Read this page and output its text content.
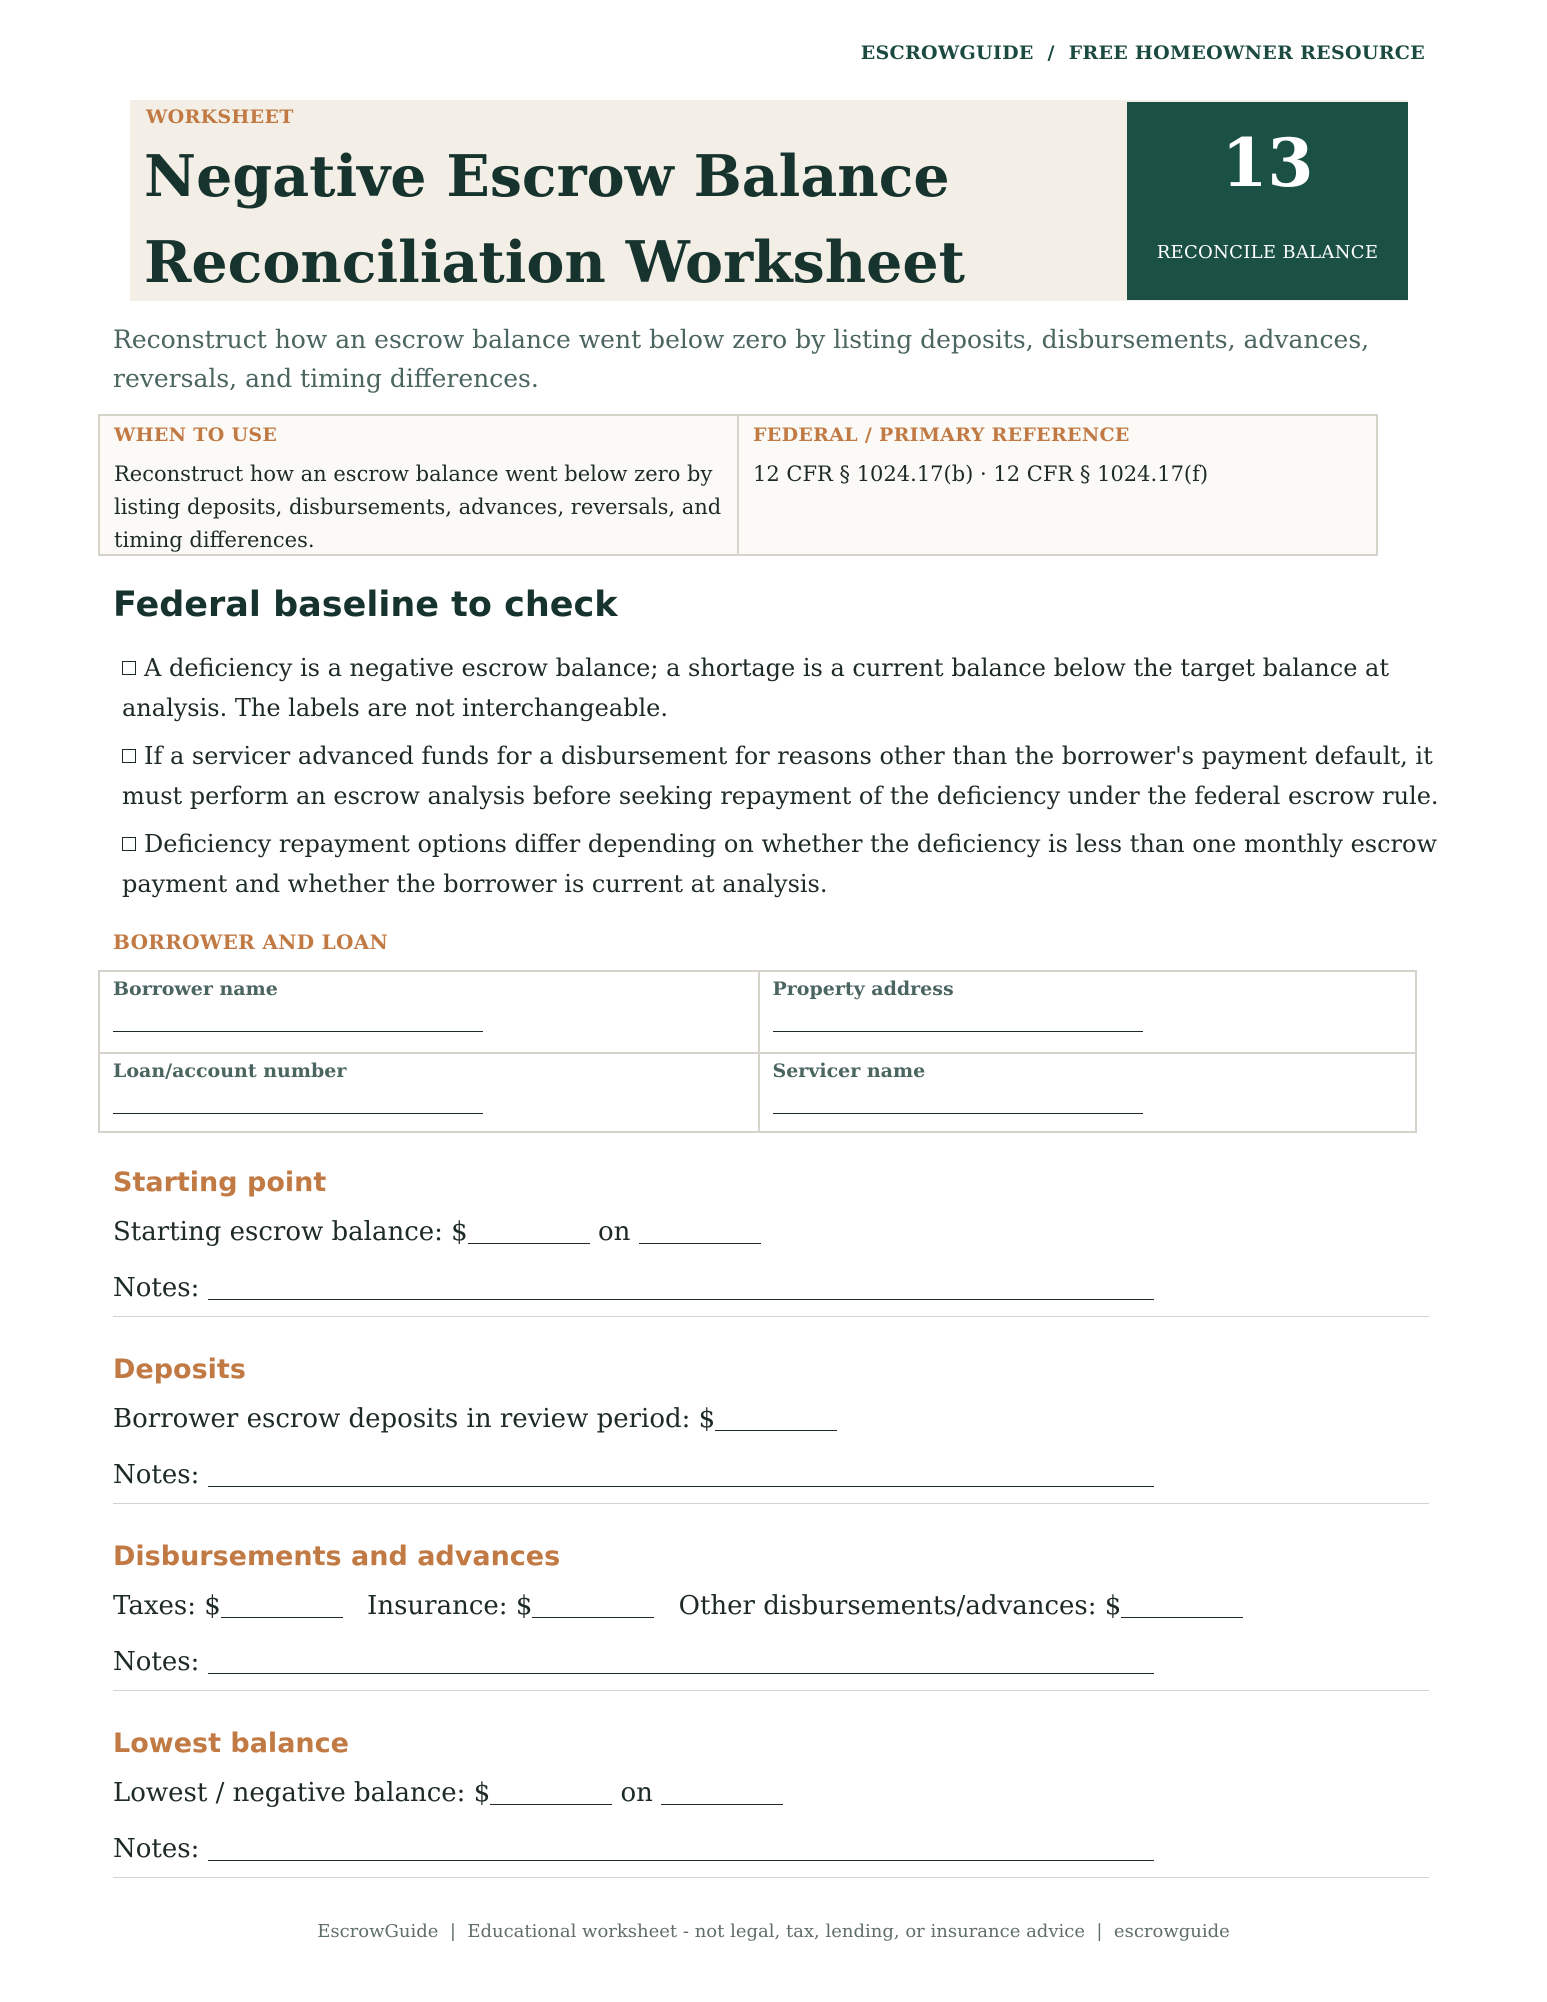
ESCROWGUIDE  /  FREE HOMEOWNER RESOURCE
WORKSHEET
Negative Escrow Balance Reconciliation Worksheet
13
RECONCILE BALANCE
Reconstruct how an escrow balance went below zero by listing deposits, disbursements, advances, reversals, and timing differences.
WHEN TO USE
Reconstruct how an escrow balance went below zero by listing deposits, disbursements, advances, reversals, and timing differences.
FEDERAL / PRIMARY REFERENCE
12 CFR § 1024.17(b) · 12 CFR § 1024.17(f)
Federal baseline to check
A deficiency is a negative escrow balance; a shortage is a current balance below the target balance at analysis. The labels are not interchangeable.
If a servicer advanced funds for a disbursement for reasons other than the borrower's payment default, it must perform an escrow analysis before seeking repayment of the deficiency under the federal escrow rule.
Deficiency repayment options differ depending on whether the deficiency is less than one monthly escrow payment and whether the borrower is current at analysis.
BORROWER AND LOAN
Borrower name	Property address
Loan/account number	Servicer name
Starting point
Starting escrow balance: $	on
Notes:
Deposits
Borrower escrow deposits in review period: $
Notes:
Disbursements and advances
Taxes: $	Insurance: $	Other disbursements/advances: $
Notes:
Lowest balance
Lowest / negative balance: $	on
Notes:
EscrowGuide  |  Educational worksheet - not legal, tax, lending, or insurance advice  |  escrowguide
